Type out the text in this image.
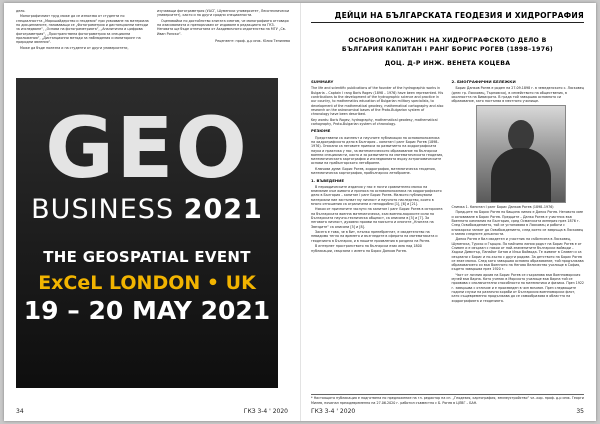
дело.

Монографичният труд може да се използва от студенти по специалността „Маркшайдерство и геодезия“ при усвояване на материала по дисциплините, назоваващи се „Фотограметрия и дистанционни методи за изследване“, „Основи на фотограметрията“, „Аналитична и цифрова фотограметрия“, „Пространствена фотограметрия за специални приложения“, „Дистанционни методи за наблюдения и мониторинг на природни явления“.

Може да бъде полезна и на студенти от други университети,

изучаващи фотограметрия (УАСГ, Шуменски университет, Лесотехнически университет), както и на други сродни специалности.

Оценявайки по достойнство книгата смятам, че монографията отговаря на изискванията и препоръчвам от издаване в редакцията на ГКЗ. Неговата ще бъде отпечатана от Академичното издателство на МГУ „Св. Иван Рилски“.

Рецензент: проф. д-р инж. Юлия Тепилева

GEO
BUSINESS 2021
THE GEOSPATIAL EVENT
ExCeL LONDON • UK
19 – 20 MAY 2021
34	ГКЗ 3-4 ' 2020
ДЕЙЦИ НА БЪЛГАРСКАТА ГЕОДЕЗИЯ И ХИДРОГРАФИЯ
ОСНОВОПОЛОЖНИК НА ХИДРОГРАФСКОТО ДЕЛО В
БЪЛГАРИЯ КАПИТАН I РАНГ БОРИС РОГЕВ (1898–1976)
ДОЦ. Д-Р ИНЖ. ВЕНЕТА КОЦЕВА
SUMMARY

The life and scientific publications of the founder of the hydrographic works in Bulgaria – Captain I rang Boris Rogev (1898 – 1976) have been represented. His contributions to the development of the hydrographic science and practice in our country, to mathematics education of Bulgarian military specialists, to development of the mathematical geodesy, mathematical cartography and also research on the astronomical bases of the Proto-Bulgarian system of chronology have been described.

Key words: Boris Rogev, hydrography, mathematical geodesy, mathematical cartography, Proto-Bulgarian system of chronology.

РЕЗЮМЕ

Представени са жизнеът и научните публикации на основоположника на хидрографското дело в България – капитан I ранг Борис Рогев (1898–1976). Описани са неговите приноси за развитието на хидрографската наука и практика у нас, за математическото образование на български военни специалисти, както и за развитието на математическата геодезия, математическата картография и изследванията върху астрономическите основи на прабългарското летоброене.

Ключови думи: Борис Рогев, хидрография, математическа геодезия, математическа картография, прабългарско летоброене.

1. ВЪВЕДЕНИЕ

В периодическите издания у нас е почти сравнително малко на внимание към живота и приноса на основоположника на хидрографското дело в България – капитан I ранг Борис Рогев. Малкото публикувани материали ние застъпват му личност и научното наследство, които в много отношения са ограничени и неподробни [1], [6] и [21].

Някои от признатите заслуги на капитан I ранг Борис Рогев в историята на българската военна математическа, към военно-морските сили на Българската научно-техническа общност, са описани в [5] и [7]. За неговата личност, духовни прояви на мисълта и книгите „Книгата на Звездите“ са описани [5] и [8].

Засега е това, че в бит, плънко пренебрегнат, е свидетелство на невидимо тегло на времето и възгледите в сферата на математиката и геодезията в България, и в нашите проявления в раздела на Рогев.

В интернет пространството на български език има над 1800 публикации, свързани с името на Борис Данков Рогев.

2. БИОГРАФИЧНИ БЕЛЕЖКИ

Борис Данков Рогев е роден на 27.09.1898 г. в земеделското с. Лясковец (днес гр. Лясковец, Търновско), в семейството на общественик, в околността на Вивисрата. В града той завършва основното си образование, като постъпва в местното училище.

Снимка 1. Капитан I ранг Борис Данков Рогев (1898–1976)

Предците на Борис Рогев по бащина линия е Данко Рогев. Неговото име и основаване в Борис Рогев. Предците – Данко Рогев е участник във Военната кампания на България, сред Османската империя през 1876 г. След Освобождението, той се установява в Лясковец и работи с книжарски занаят до Освобождението, след което се завръща в Лясковец и заема следните длъжности.

Данко Рогев е бил свидетел и участник на събитията в Лясковец, Шуменска, Турско и Гърция. По майчина линия родът на Борис Рогев е от Сливен и е свързан с някои от най-знаменитите български войводи – Хаджи Димитър, Панайот Хитов и Ильо Войвода. Те живеят в Сливен и са свързани с Борис и по-късно с други родове. За детството на Борис Рогев се знае малко. След като завършва основно образование, той продължава образованието си във Военното на Негово Величество училище в София, където завършва през 1920 г.

Част от личния архив на Борис Рогев се съхранява във Военноморския музей във Варна. Като ученик в Морското училище във Варна той се проявява с изключителни способности по математика и физика. През 1922 г. завършва с отличие и е произведен в чин мичман. През следващите години служи на различни кораби от Българския военноморски флот, като същевременно продължава да се самообразова в областта на хидрографията и геодезията.

* Настоящата публикация е подготвена по предложение на гл. редактор на сп. „Геодезия, картография, землеустройство“ чл.-кор. проф. д-р инж. Георги Милев, починал преждевременно на 27.06.2020 г. работил съвместно с Б. Рогев в ЦЛВГ – БАН.
ГКЗ 3-4 ' 2020	35
